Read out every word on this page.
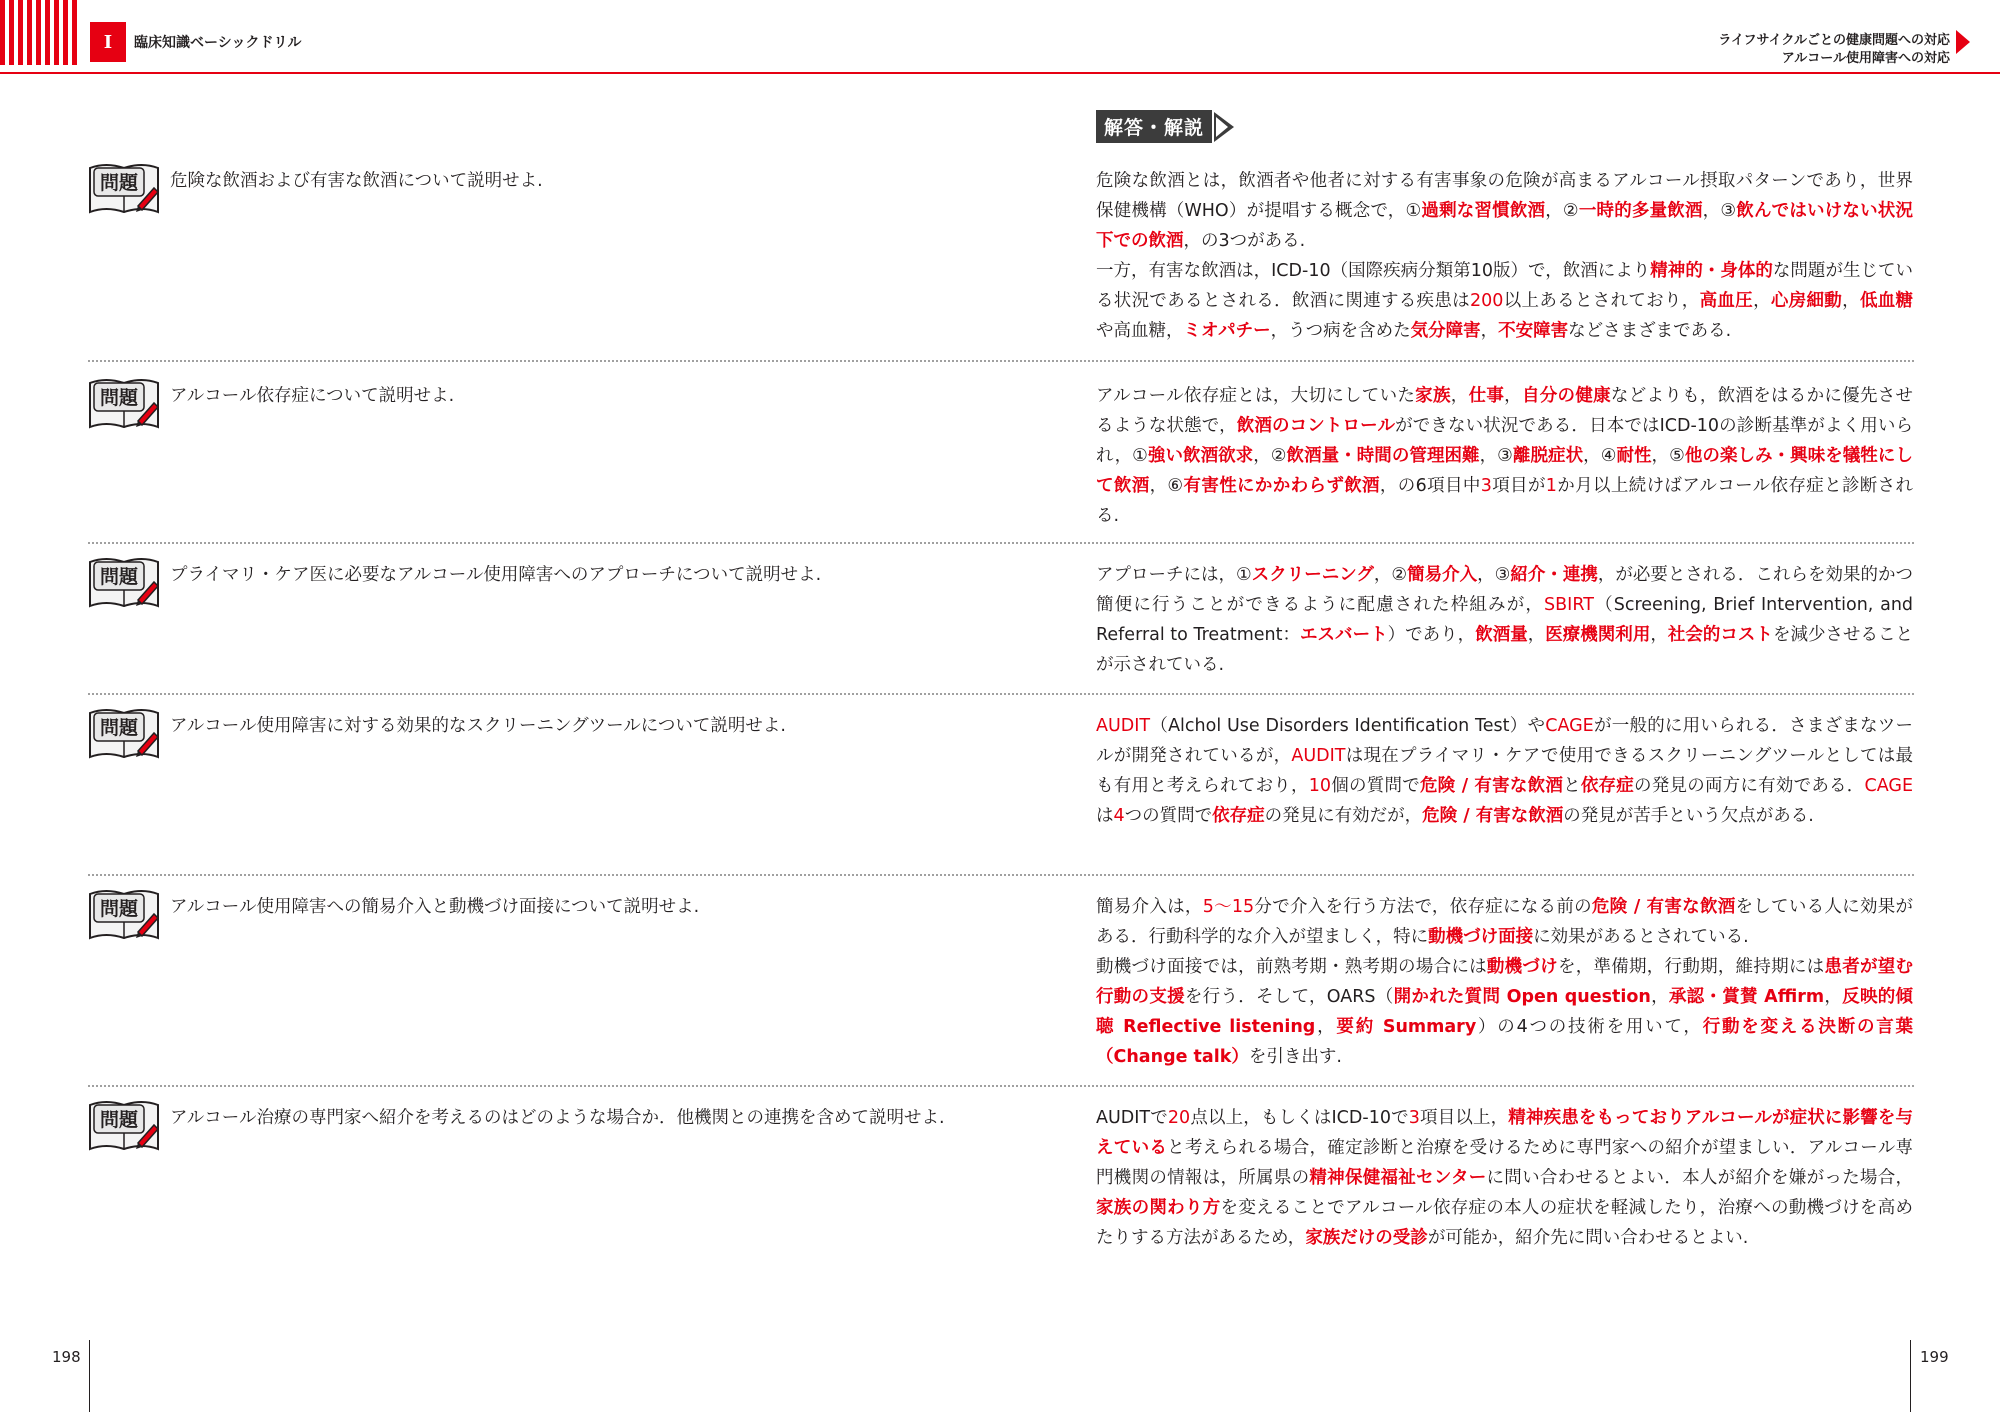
I 臨床知識ベーシックドリル	ライフサイクルごとの健康問題への対応
アルコール使用障害への対応
解答・解説
問題 危険な飲酒および有害な飲酒について説明せよ.	危険な飲酒とは，飲酒者や他者に対する有害事象の危険が高まるアルコール摂取パターンであり，世界保健機構（WHO）が提唱する概念で，①過剰な習慣飲酒，②一時的多量飲酒，③飲んではいけない状況下での飲酒，の3つがある.

一方，有害な飲酒は，ICD-10（国際疾病分類第10版）で，飲酒により精神的・身体的な問題が生じている状況であるとされる．飲酒に関連する疾患は200以上あるとされており，高血圧，心房細動，低血糖や高血糖，ミオパチー，うつ病を含めた気分障害，不安障害などさまざまである.

問題 アルコール依存症について説明せよ.	アルコール依存症とは，大切にしていた家族，仕事，自分の健康などよりも，飲酒をはるかに優先させるような状態で，飲酒のコントロールができない状況である．日本ではICD-10の診断基準がよく用いられ，①強い飲酒欲求，②飲酒量・時間の管理困難，③離脱症状，④耐性，⑤他の楽しみ・興味を犠牲にして飲酒，⑥有害性にかかわらず飲酒，の6項目中3項目が1か月以上続けばアルコール依存症と診断される.

問題 プライマリ・ケア医に必要なアルコール使用障害へのアプローチについて説明せよ.	アプローチには，①スクリーニング，②簡易介入，③紹介・連携，が必要とされる．これらを効果的かつ簡便に行うことができるように配慮された枠組みが，SBIRT（Screening, Brief Intervention, and Referral to Treatment：エスバート）であり，飲酒量，医療機関利用，社会的コストを減少させることが示されている.

問題 アルコール使用障害に対する効果的なスクリーニングツールについて説明せよ.	AUDIT（Alchol Use Disorders Identification Test）やCAGEが一般的に用いられる．さまざまなツールが開発されているが，AUDITは現在プライマリ・ケアで使用できるスクリーニングツールとしては最も有用と考えられており，10個の質問で危険 / 有害な飲酒と依存症の発見の両方に有効である．CAGEは4つの質問で依存症の発見に有効だが，危険 / 有害な飲酒の発見が苦手という欠点がある.

問題 アルコール使用障害への簡易介入と動機づけ面接について説明せよ.	簡易介入は，5〜15分で介入を行う方法で，依存症になる前の危険 / 有害な飲酒をしている人に効果がある．行動科学的な介入が望ましく，特に動機づけ面接に効果があるとされている.

動機づけ面接では，前熟考期・熟考期の場合には動機づけを，準備期，行動期，維持期には患者が望む行動の支援を行う．そして，OARS（開かれた質問 Open question，承認・賞賛 Affirm，反映的傾聴 Reflective listening，要約 Summary）の4つの技術を用いて，行動を変える決断の言葉（Change talk）を引き出す.

問題 アルコール治療の専門家へ紹介を考えるのはどのような場合か．他機関との連携を含めて説明せよ.	AUDITで20点以上，もしくはICD-10で3項目以上，精神疾患をもっておりアルコールが症状に影響を与えていると考えられる場合，確定診断と治療を受けるために専門家への紹介が望ましい．アルコール専門機関の情報は，所属県の精神保健福祉センターに問い合わせるとよい．本人が紹介を嫌がった場合，家族の関わり方を変えることでアルコール依存症の本人の症状を軽減したり，治療への動機づけを高めたりする方法があるため，家族だけの受診が可能か，紹介先に問い合わせるとよい.

198	199
